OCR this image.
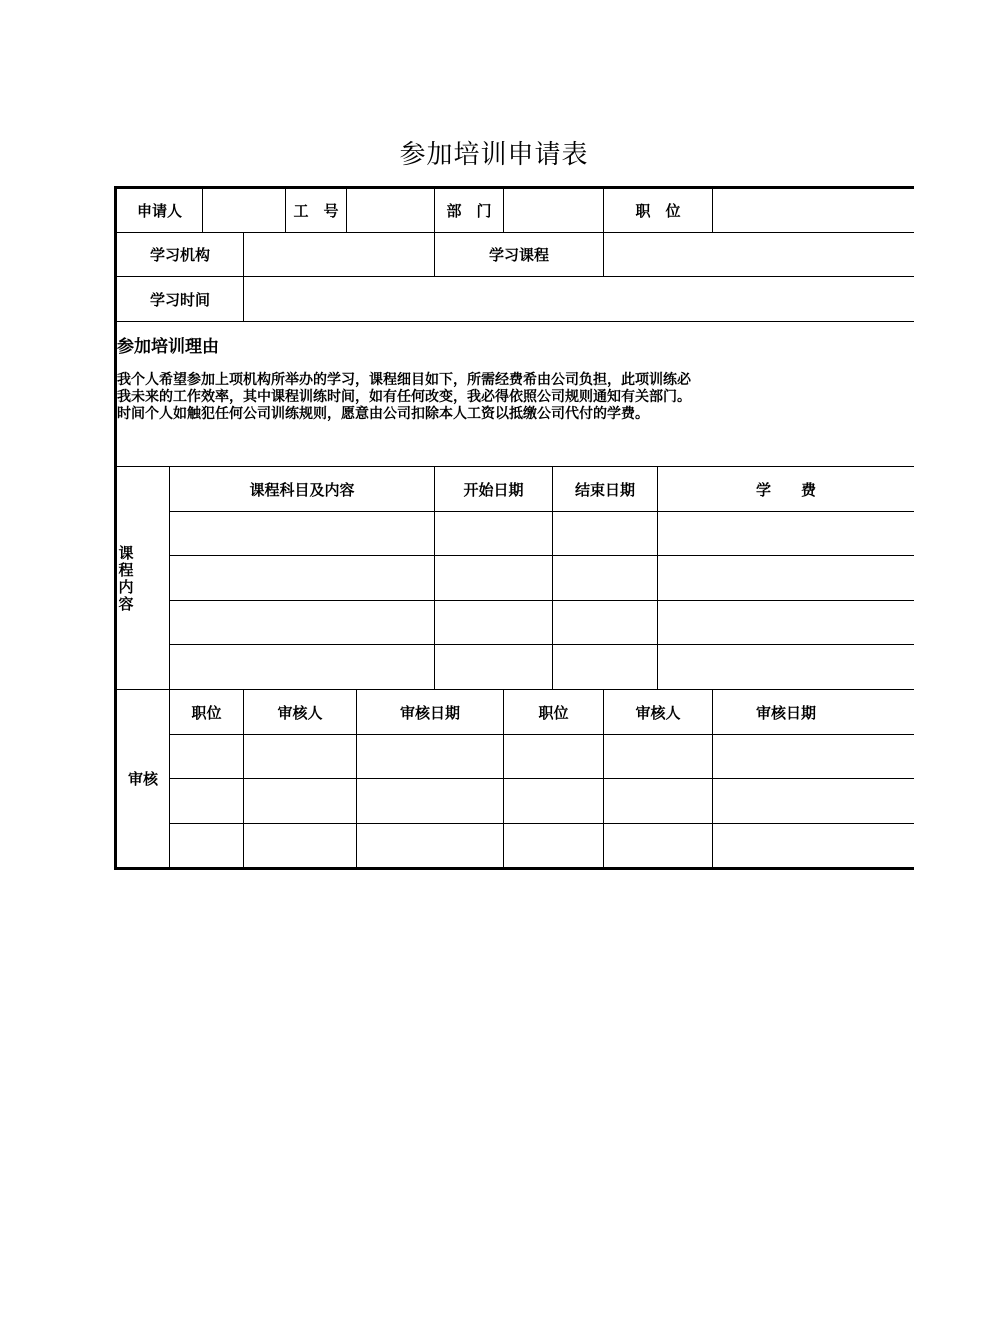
参加培训申请表
申请人	工　号	部　门	职　位
学习机构	学习课程
学习时间
参加培训理由
我个人希望参加上项机构所举办的学习，课程细目如下，所需经费希由公司负担，此项训练必
我未来的工作效率，其中课程训练时间，如有任何改变，我必得依照公司规则通知有关部门。
时间个人如触犯任何公司训练规则，愿意由公司扣除本人工资以抵缴公司代付的学费。
课
程
内
容
课程科目及内容	开始日期	结束日期	学　　费
审核
职位	审核人	审核日期	职位	审核人	审核日期
